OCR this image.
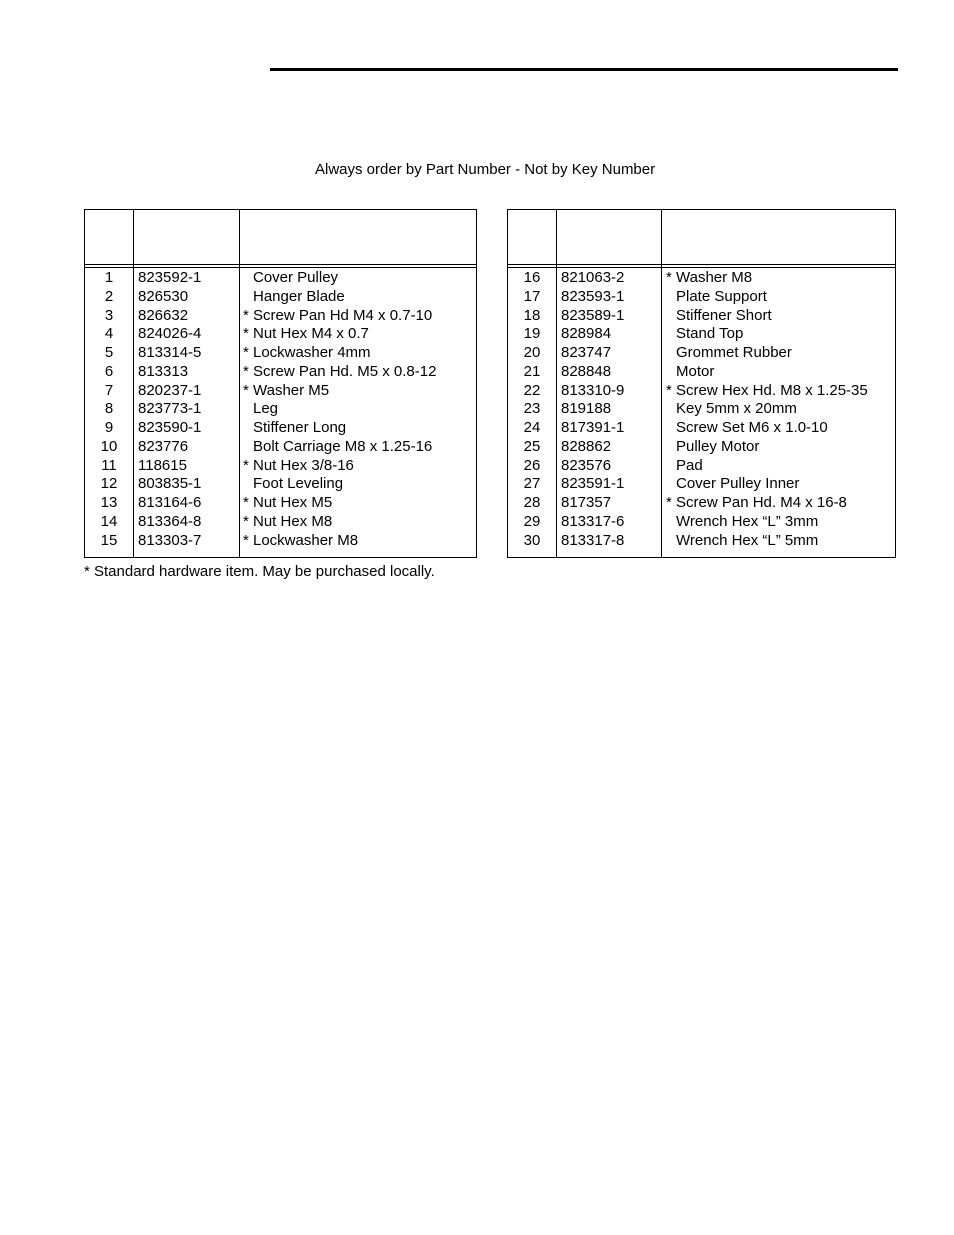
Always order by Part Number - Not by Key Number
1	823592-1	Cover Pulley
2	826530	Hanger Blade
3	826632	* Screw Pan Hd M4 x 0.7-10
4	824026-4	* Nut Hex M4 x 0.7
5	813314-5	* Lockwasher 4mm
6	813313	* Screw Pan Hd. M5 x 0.8-12
7	820237-1	* Washer M5
8	823773-1	Leg
9	823590-1	Stiffener Long
10	823776	Bolt Carriage M8 x 1.25-16
11	118615	* Nut Hex 3/8-16
12	803835-1	Foot Leveling
13	813164-6	* Nut Hex M5
14	813364-8	* Nut Hex M8
15	813303-7	* Lockwasher M8
16	821063-2	* Washer M8
17	823593-1	Plate Support
18	823589-1	Stiffener Short
19	828984	Stand Top
20	823747	Grommet Rubber
21	828848	Motor
22	813310-9	* Screw Hex Hd. M8 x 1.25-35
23	819188	Key 5mm x 20mm
24	817391-1	Screw Set M6 x 1.0-10
25	828862	Pulley Motor
26	823576	Pad
27	823591-1	Cover Pulley Inner
28	817357	* Screw Pan Hd. M4 x 16-8
29	813317-6	Wrench Hex “L” 3mm
30	813317-8	Wrench Hex “L” 5mm
* Standard hardware item. May be purchased locally.
